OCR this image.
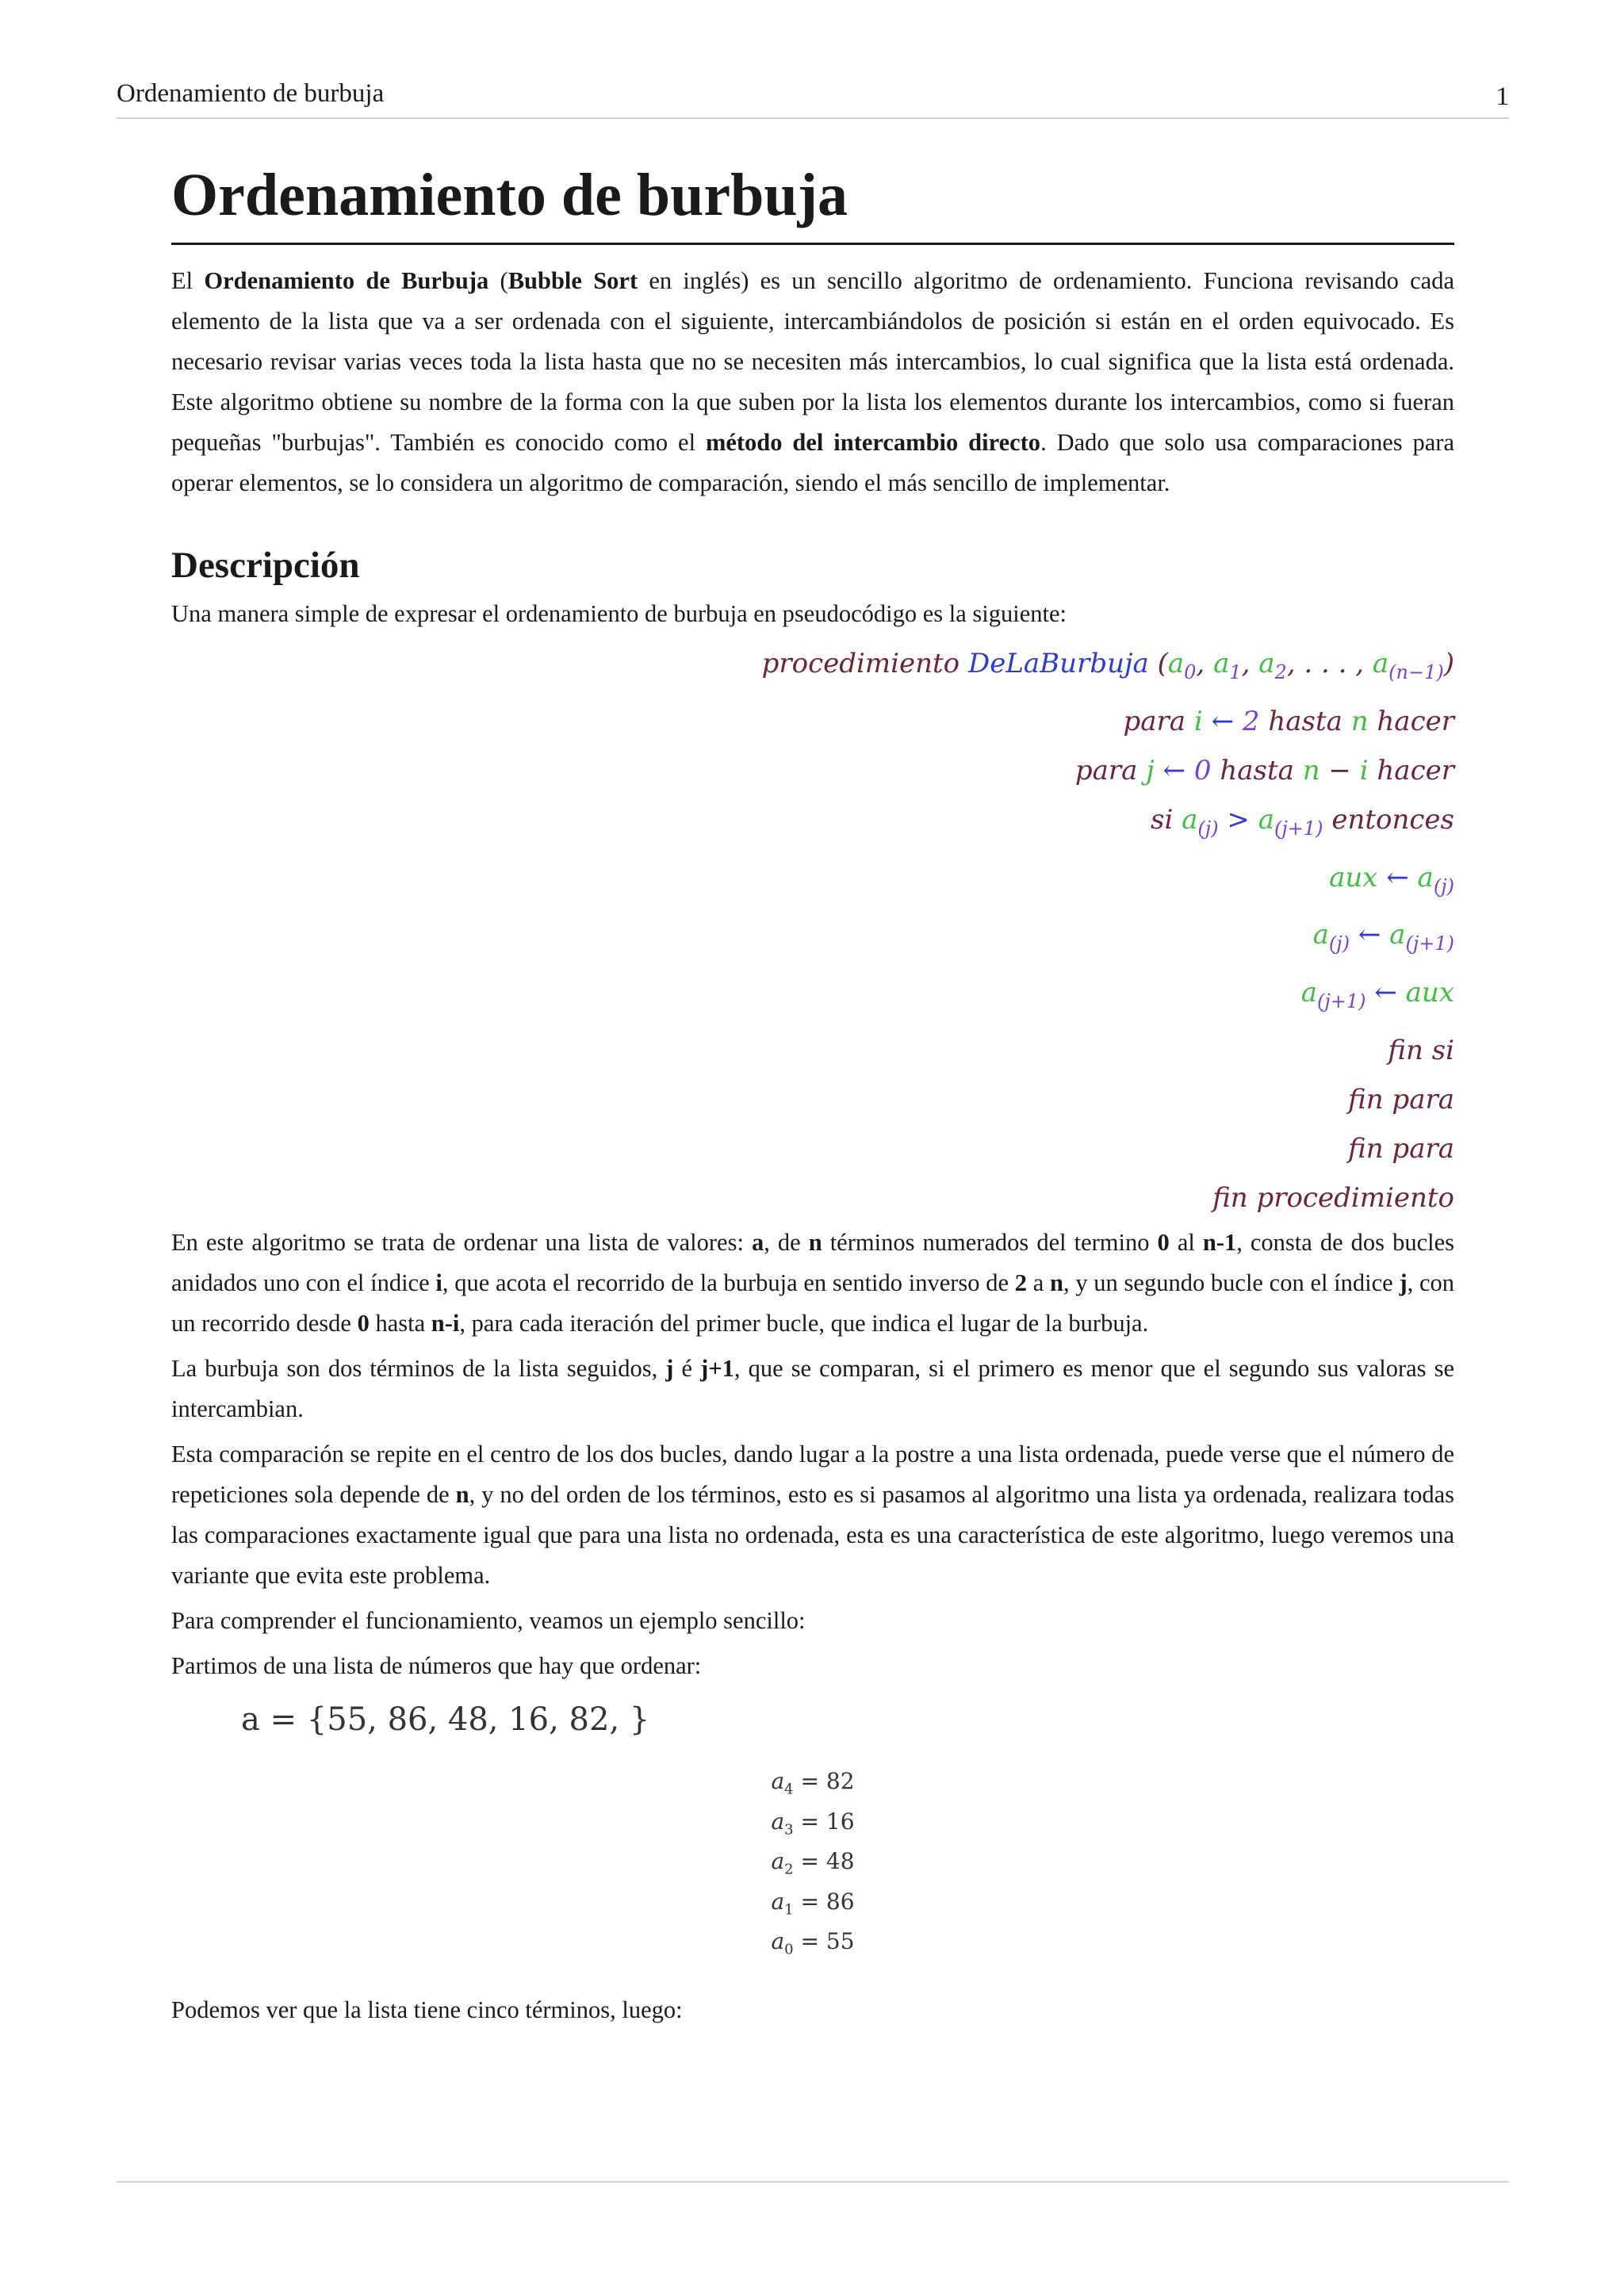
Ordenamiento de burbuja	1
Ordenamiento de burbuja

El Ordenamiento de Burbuja (Bubble Sort en inglés) es un sencillo algoritmo de ordenamiento. Funciona revisando cada elemento de la lista que va a ser ordenada con el siguiente, intercambiándolos de posición si están en el orden equivocado. Es necesario revisar varias veces toda la lista hasta que no se necesiten más intercambios, lo cual significa que la lista está ordenada. Este algoritmo obtiene su nombre de la forma con la que suben por la lista los elementos durante los intercambios, como si fueran pequeñas "burbujas". También es conocido como el método del intercambio directo. Dado que solo usa comparaciones para operar elementos, se lo considera un algoritmo de comparación, siendo el más sencillo de implementar.

Descripción

Una manera simple de expresar el ordenamiento de burbuja en pseudocódigo es la siguiente:

procedimiento DeLaBurbuja ($a_0$, $a_1$, $a_2$, . . . , $a_{(n-1)}$)
para i ← 2 hasta n hacer
para j ← 0 hasta n − i hacer
si $a_{(j)} > a_{(j+1)}$ entonces
aux ← $a_{(j)}$
$a_{(j)}$ ← $a_{(j+1)}$
$a_{(j+1)}$ ← aux
fin si
fin para
fin para
fin procedimiento

En este algoritmo se trata de ordenar una lista de valores: a, de n términos numerados del termino 0 al n-1, consta de dos bucles anidados uno con el índice i, que acota el recorrido de la burbuja en sentido inverso de 2 a n, y un segundo bucle con el índice j, con un recorrido desde 0 hasta n-i, para cada iteración del primer bucle, que indica el lugar de la burbuja.

La burbuja son dos términos de la lista seguidos, j é j+1, que se comparan, si el primero es menor que el segundo sus valoras se intercambian.

Esta comparación se repite en el centro de los dos bucles, dando lugar a la postre a una lista ordenada, puede verse que el número de repeticiones sola depende de n, y no del orden de los términos, esto es si pasamos al algoritmo una lista ya ordenada, realizara todas las comparaciones exactamente igual que para una lista no ordenada, esta es una característica de este algoritmo, luego veremos una variante que evita este problema.

Para comprender el funcionamiento, veamos un ejemplo sencillo:

Partimos de una lista de números que hay que ordenar:

a = {55, 86, 48, 16, 82, }
$a_4 = 82$
$a_3 = 16$
$a_2 = 48$
$a_1 = 86$
$a_0 = 55$

Podemos ver que la lista tiene cinco términos, luego:
